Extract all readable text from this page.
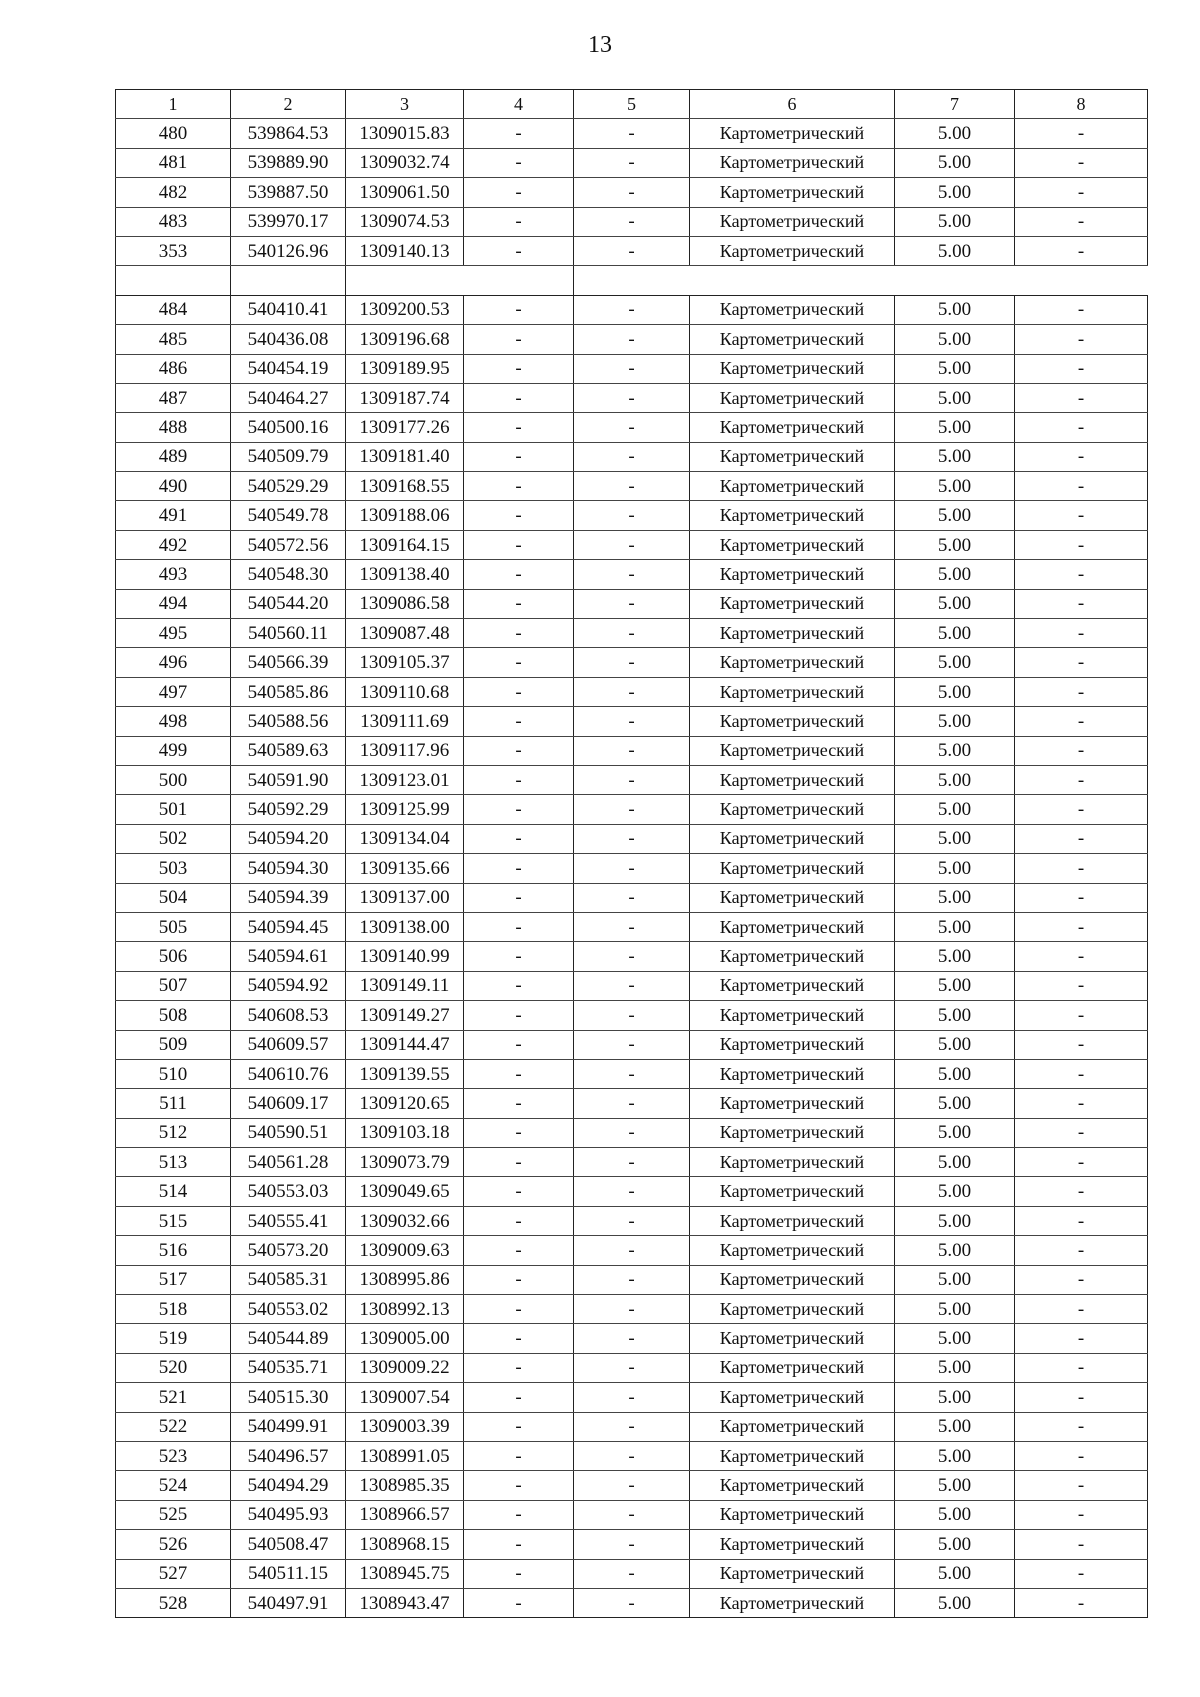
13
1	2	3	4	5	6	7	8
480	539864.53	1309015.83	-	-	Картометрический	5.00	-
481	539889.90	1309032.74	-	-	Картометрический	5.00	-
482	539887.50	1309061.50	-	-	Картометрический	5.00	-
483	539970.17	1309074.53	-	-	Картометрический	5.00	-
353	540126.96	1309140.13	-	-	Картометрический	5.00	-

484	540410.41	1309200.53	-	-	Картометрический	5.00	-
485	540436.08	1309196.68	-	-	Картометрический	5.00	-
486	540454.19	1309189.95	-	-	Картометрический	5.00	-
487	540464.27	1309187.74	-	-	Картометрический	5.00	-
488	540500.16	1309177.26	-	-	Картометрический	5.00	-
489	540509.79	1309181.40	-	-	Картометрический	5.00	-
490	540529.29	1309168.55	-	-	Картометрический	5.00	-
491	540549.78	1309188.06	-	-	Картометрический	5.00	-
492	540572.56	1309164.15	-	-	Картометрический	5.00	-
493	540548.30	1309138.40	-	-	Картометрический	5.00	-
494	540544.20	1309086.58	-	-	Картометрический	5.00	-
495	540560.11	1309087.48	-	-	Картометрический	5.00	-
496	540566.39	1309105.37	-	-	Картометрический	5.00	-
497	540585.86	1309110.68	-	-	Картометрический	5.00	-
498	540588.56	1309111.69	-	-	Картометрический	5.00	-
499	540589.63	1309117.96	-	-	Картометрический	5.00	-
500	540591.90	1309123.01	-	-	Картометрический	5.00	-
501	540592.29	1309125.99	-	-	Картометрический	5.00	-
502	540594.20	1309134.04	-	-	Картометрический	5.00	-
503	540594.30	1309135.66	-	-	Картометрический	5.00	-
504	540594.39	1309137.00	-	-	Картометрический	5.00	-
505	540594.45	1309138.00	-	-	Картометрический	5.00	-
506	540594.61	1309140.99	-	-	Картометрический	5.00	-
507	540594.92	1309149.11	-	-	Картометрический	5.00	-
508	540608.53	1309149.27	-	-	Картометрический	5.00	-
509	540609.57	1309144.47	-	-	Картометрический	5.00	-
510	540610.76	1309139.55	-	-	Картометрический	5.00	-
511	540609.17	1309120.65	-	-	Картометрический	5.00	-
512	540590.51	1309103.18	-	-	Картометрический	5.00	-
513	540561.28	1309073.79	-	-	Картометрический	5.00	-
514	540553.03	1309049.65	-	-	Картометрический	5.00	-
515	540555.41	1309032.66	-	-	Картометрический	5.00	-
516	540573.20	1309009.63	-	-	Картометрический	5.00	-
517	540585.31	1308995.86	-	-	Картометрический	5.00	-
518	540553.02	1308992.13	-	-	Картометрический	5.00	-
519	540544.89	1309005.00	-	-	Картометрический	5.00	-
520	540535.71	1309009.22	-	-	Картометрический	5.00	-
521	540515.30	1309007.54	-	-	Картометрический	5.00	-
522	540499.91	1309003.39	-	-	Картометрический	5.00	-
523	540496.57	1308991.05	-	-	Картометрический	5.00	-
524	540494.29	1308985.35	-	-	Картометрический	5.00	-
525	540495.93	1308966.57	-	-	Картометрический	5.00	-
526	540508.47	1308968.15	-	-	Картометрический	5.00	-
527	540511.15	1308945.75	-	-	Картометрический	5.00	-
528	540497.91	1308943.47	-	-	Картометрический	5.00	-
